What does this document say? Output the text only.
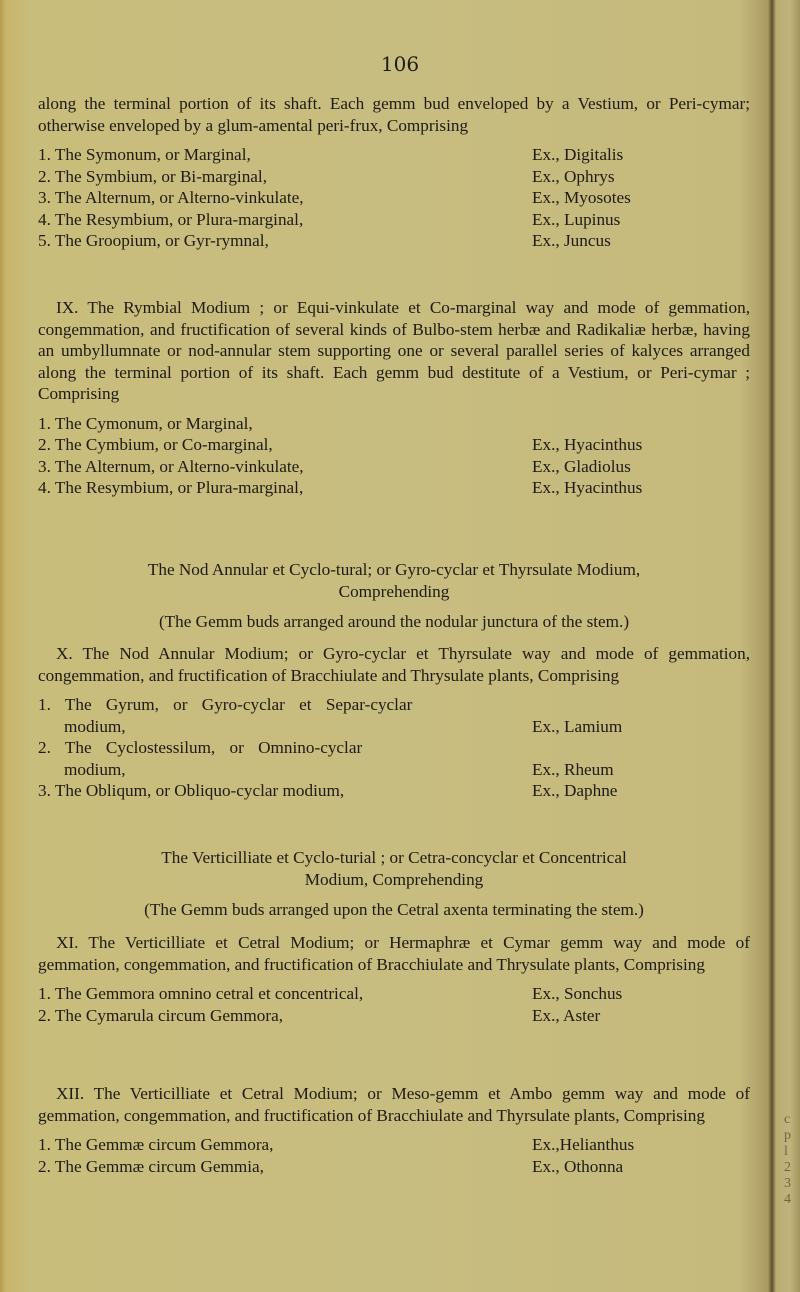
106

along the terminal portion of its shaft. Each gemm bud enveloped by a Vestium, or Peri-cymar; otherwise enveloped by a glum-amental peri-frux, Comprising

1. The Symonum, or Marginal,	Ex., Digitalis
2. The Symbium, or Bi-marginal,	Ex., Ophrys
3. The Alternum, or Alterno-vinkulate,	Ex., Myosotes
4. The Resymbium, or Plura-marginal,	Ex., Lupinus
5. The Groopium, or Gyr-rymnal,	Ex., Juncus

IX. The Rymbial Modium ; or Equi-vinkulate et Co-marginal way and mode of gemmation, congemmation, and fructification of several kinds of Bulbo-stem herbæ and Radikaliæ herbæ, having an umbyllumnate or nod-annular stem supporting one or several parallel series of kalyces arranged along the terminal portion of its shaft. Each gemm bud destitute of a Vestium, or Peri-cymar ; Comprising

1. The Cymonum, or Marginal,
2. The Cymbium, or Co-marginal,	Ex., Hyacinthus
3. The Alternum, or Alterno-vinkulate,	Ex., Gladiolus
4. The Resymbium, or Plura-marginal,	Ex., Hyacinthus

The Nod Annular et Cyclo-tural; or Gyro-cyclar et Thyrsulate Modium,

Comprehending

(The Gemm buds arranged around the nodular junctura of the stem.)

X. The Nod Annular Modium; or Gyro-cyclar et Thyrsulate way and mode of gemmation, congemmation, and fructification of Bracchiulate and Thrysulate plants, Comprising

1. The Gyrum, or Gyro-cyclar et Separ-cyclar
modium,	Ex., Lamium
2. The Cyclostessilum, or Omnino-cyclar
modium,	Ex., Rheum
3. The Obliqum, or Obliquo-cyclar modium,	Ex., Daphne

The Verticilliate et Cyclo-turial ; or Cetra-concyclar et Concentrical

Modium, Comprehending

(The Gemm buds arranged upon the Cetral axenta terminating the stem.)

XI. The Verticilliate et Cetral Modium; or Hermaphræ et Cymar gemm way and mode of gemmation, congemmation, and fructification of Bracchiulate and Thrysulate plants, Comprising

1. The Gemmora omnino cetral et concentrical,	Ex., Sonchus
2. The Cymarula circum Gemmora,	Ex., Aster

XII. The Verticilliate et Cetral Modium; or Meso-gemm et Ambo gemm way and mode of gemmation, congemmation, and fructification of Bracchiulate and Thyrsulate plants, Comprising

1. The Gemmæ circum Gemmora,	Ex.,Helianthus
2. The Gemmæ circum Gemmia,	Ex., Othonna
c
p
l
2
3
4
